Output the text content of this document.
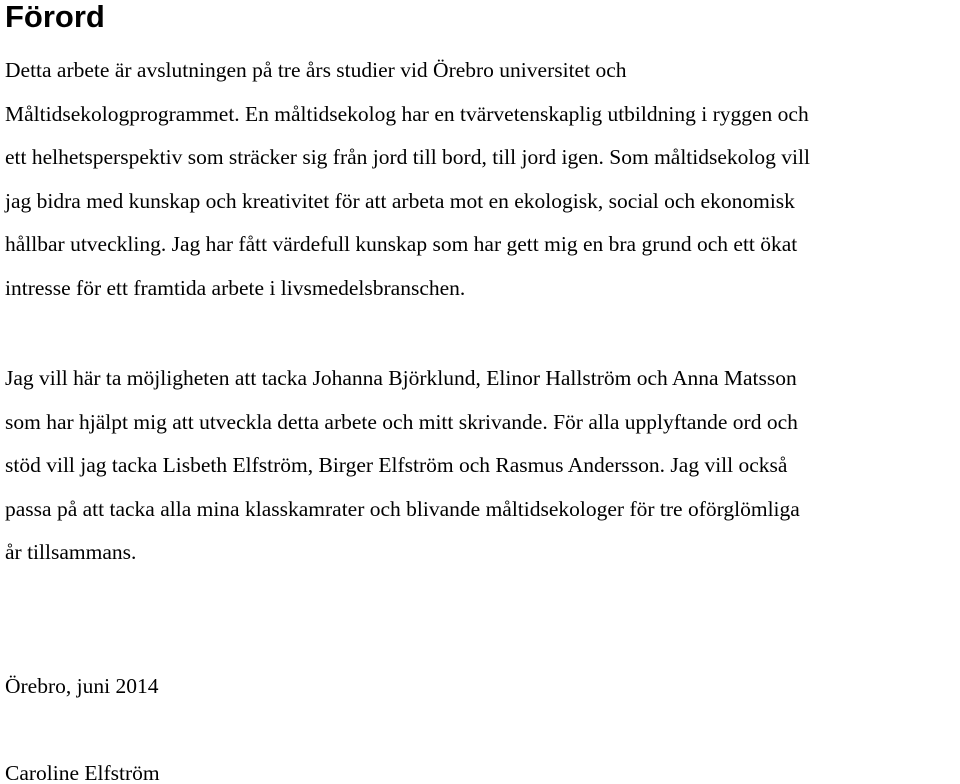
Förord

Detta arbete är avslutningen på tre års studier vid Örebro universitet och

Måltidsekologprogrammet. En måltidsekolog har en tvärvetenskaplig utbildning i ryggen och

ett helhetsperspektiv som sträcker sig från jord till bord, till jord igen. Som måltidsekolog vill

jag bidra med kunskap och kreativitet för att arbeta mot en ekologisk, social och ekonomisk

hållbar utveckling. Jag har fått värdefull kunskap som har gett mig en bra grund och ett ökat

intresse för ett framtida arbete i livsmedelsbranschen.

Jag vill här ta möjligheten att tacka Johanna Björklund, Elinor Hallström och Anna Matsson

som har hjälpt mig att utveckla detta arbete och mitt skrivande. För alla upplyftande ord och

stöd vill jag tacka Lisbeth Elfström, Birger Elfström och Rasmus Andersson. Jag vill också

passa på att tacka alla mina klasskamrater och blivande måltidsekologer för tre oförglömliga

år tillsammans.

Örebro, juni 2014

Caroline Elfström
